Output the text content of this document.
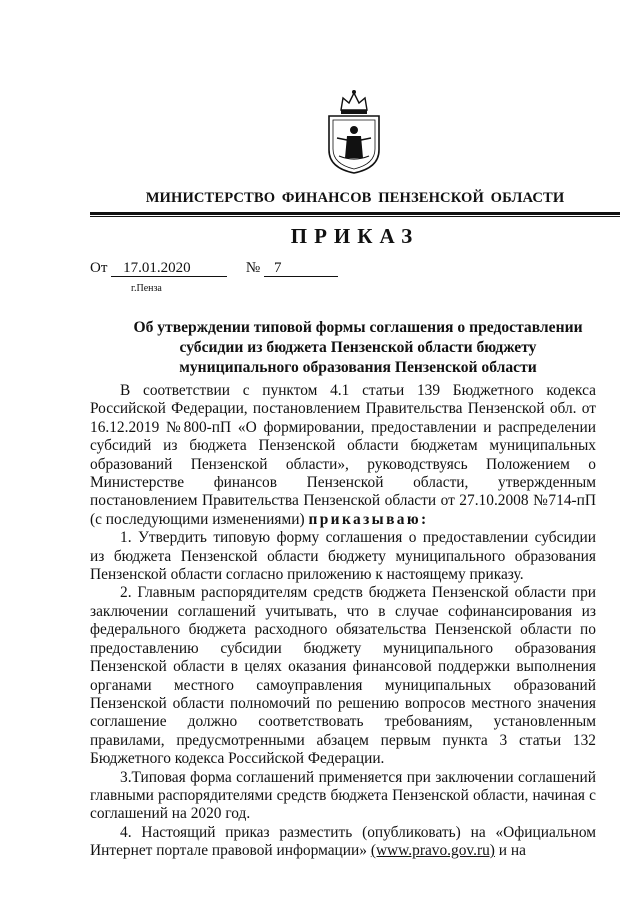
МИНИСТЕРСТВО ФИНАНСОВ ПЕНЗЕНСКОЙ ОБЛАСТИ
ПРИКАЗ
От 17.01.2020	№ 7
г.Пенза
Об утверждении типовой формы соглашения о предоставлении субсидии из бюджета Пензенской области бюджету муниципального образования Пензенской области

В соответствии с пунктом 4.1 статьи 139 Бюджетного кодекса Российской Федерации, постановлением Правительства Пензенской обл. от 16.12.2019 №800-пП «О формировании, предоставлении и распределении субсидий из бюджета Пензенской области бюджетам муниципальных образований Пензенской области», руководствуясь Положением о Министерстве финансов Пензенской области, утвержденным постановлением Правительства Пензенской области от 27.10.2008 №714-пП (с последующими изменениями) приказываю:

1. Утвердить типовую форму соглашения о предоставлении субсидии из бюджета Пензенской области бюджету муниципального образования Пензенской области согласно приложению к настоящему приказу.

2. Главным распорядителям средств бюджета Пензенской области при заключении соглашений учитывать, что в случае софинансирования из федерального бюджета расходного обязательства Пензенской области по предоставлению субсидии бюджету муниципального образования Пензенской области в целях оказания финансовой поддержки выполнения органами местного самоуправления муниципальных образований Пензенской области полномочий по решению вопросов местного значения соглашение должно соответствовать требованиям, установленным правилами, предусмотренными абзацем первым пункта 3 статьи 132 Бюджетного кодекса Российской Федерации.

3.Типовая форма соглашений применяется при заключении соглашений главными распорядителями средств бюджета Пензенской области, начиная с соглашений на 2020 год.

4. Настоящий приказ разместить (опубликовать) на «Официальном Интернет портале правовой информации» (www.pravo.gov.ru) и на
